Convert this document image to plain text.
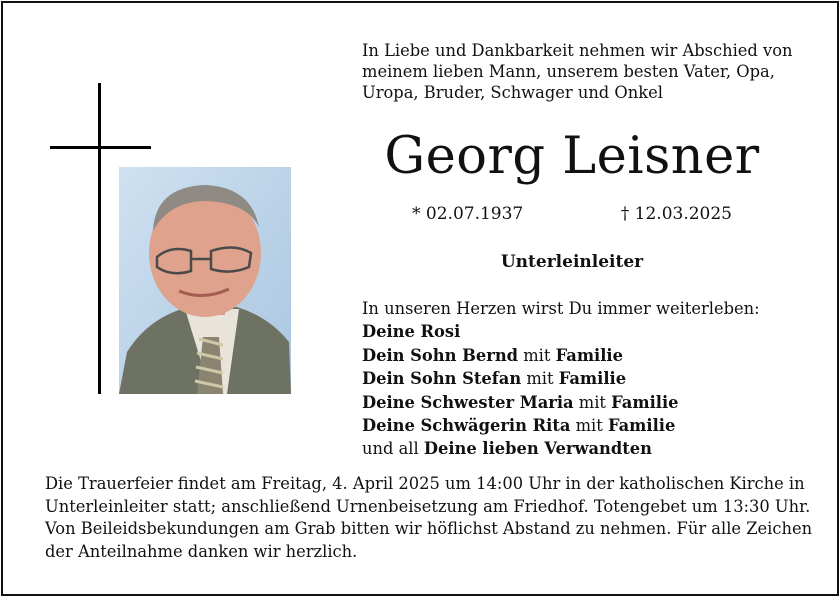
In Liebe und Dankbarkeit nehmen wir Abschied von
meinem lieben Mann, unserem besten Vater, Opa,
Uropa, Bruder, Schwager und Onkel
Georg Leisner
* 02.07.1937	† 12.03.2025
Unterleinleiter
In unseren Herzen wirst Du immer weiterleben:
Deine Rosi
Dein Sohn Bernd mit Familie
Dein Sohn Stefan mit Familie
Deine Schwester Maria mit Familie
Deine Schwägerin Rita mit Familie
und all Deine lieben Verwandten
Die Trauerfeier findet am Freitag, 4. April 2025 um 14:00 Uhr in der katholischen Kirche in
Unterleinleiter statt; anschließend Urnenbeisetzung am Friedhof. Totengebet um 13:30 Uhr.
Von Beileidsbekundungen am Grab bitten wir höflichst Abstand zu nehmen. Für alle Zeichen
der Anteilnahme danken wir herzlich.
